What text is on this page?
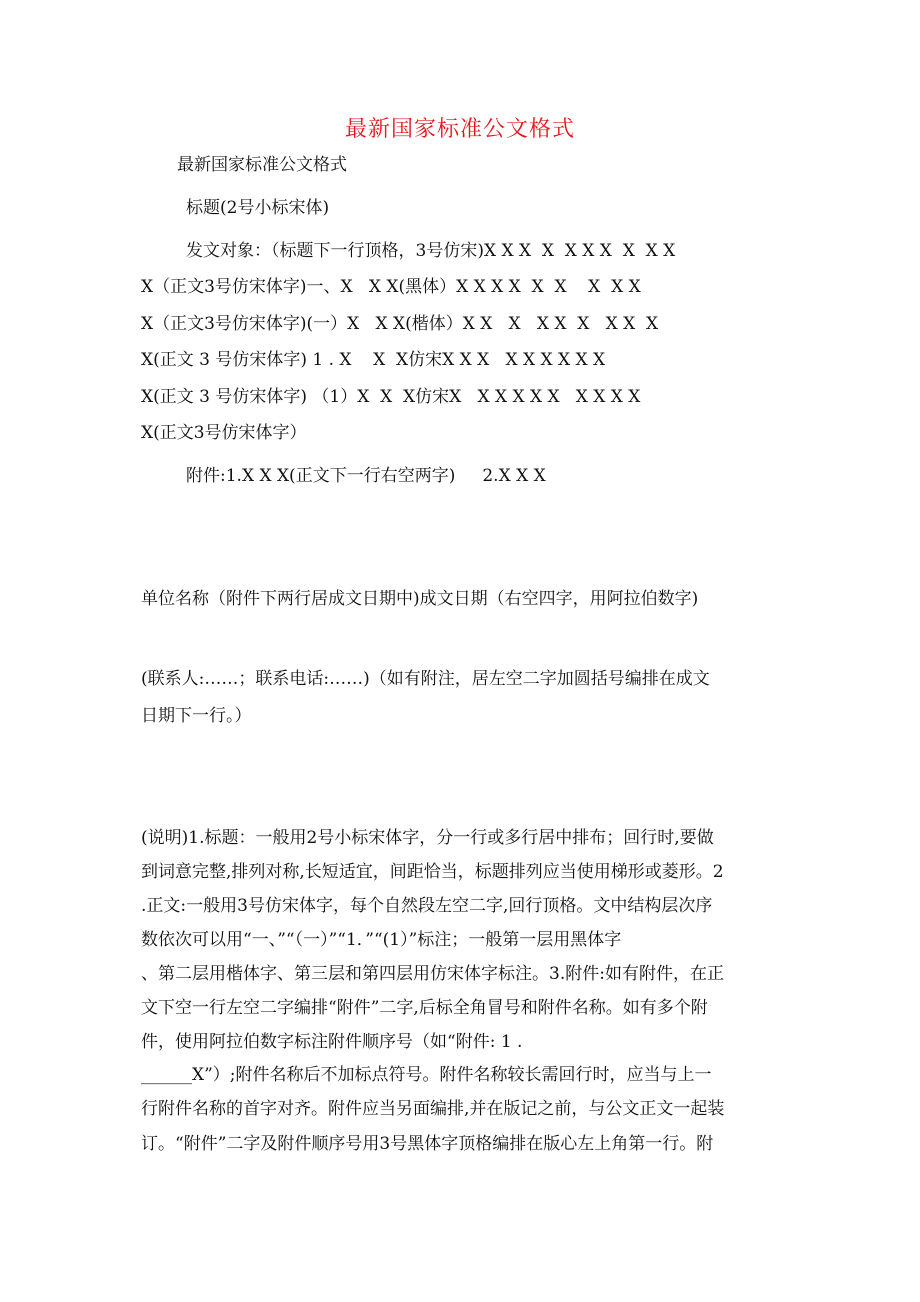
最新国家标准公文格式
最新国家标准公文格式
标题(2号小标宋体)
发文对象：（标题下一行顶格，3号仿宋)X X X  X  X X X  X  X X
X（正文3号仿宋体字)一、X   X X(黑体）X X X X  X  X    X  X X
X（正文3号仿宋体字)(一）X   X X(楷体）X X   X   X X  X   X X  X
X(正文 3 号仿宋体字) 1 . X    X  X仿宋X X X   X X X X X X
X(正文 3 号仿宋体字) （1）X  X  X仿宋X   X X X X X   X X X X
X(正文3号仿宋体字）
附件:1.X X X(正文下一行右空两字)     2.X X X
单位名称（附件下两行居成文日期中)成文日期（右空四字，用阿拉伯数字)
(联系人:……；联系电话:……)（如有附注，居左空二字加圆括号编排在成文
日期下一行。）
(说明)1.标题：一般用2号小标宋体字，分一行或多行居中排布；回行时,要做
到词意完整,排列对称,长短适宜，间距恰当，标题排列应当使用梯形或菱形。2
.正文:一般用3号仿宋体字，每个自然段左空二字,回行顶格。文中结构层次序
数依次可以用“一、”“（一）”“1．”“(1）”标注；一般第一层用黑体字
、第二层用楷体字、第三层和第四层用仿宋体字标注。3.附件:如有附件，在正
文下空一行左空二字编排“附件”二字,后标全角冒号和附件名称。如有多个附
件，使用阿拉伯数字标注附件顺序号（如“附件: 1 .
______X”）;附件名称后不加标点符号。附件名称较长需回行时，应当与上一
行附件名称的首字对齐。附件应当另面编排,并在版记之前，与公文正文一起装
订。“附件”二字及附件顺序号用3号黑体字顶格编排在版心左上角第一行。附
